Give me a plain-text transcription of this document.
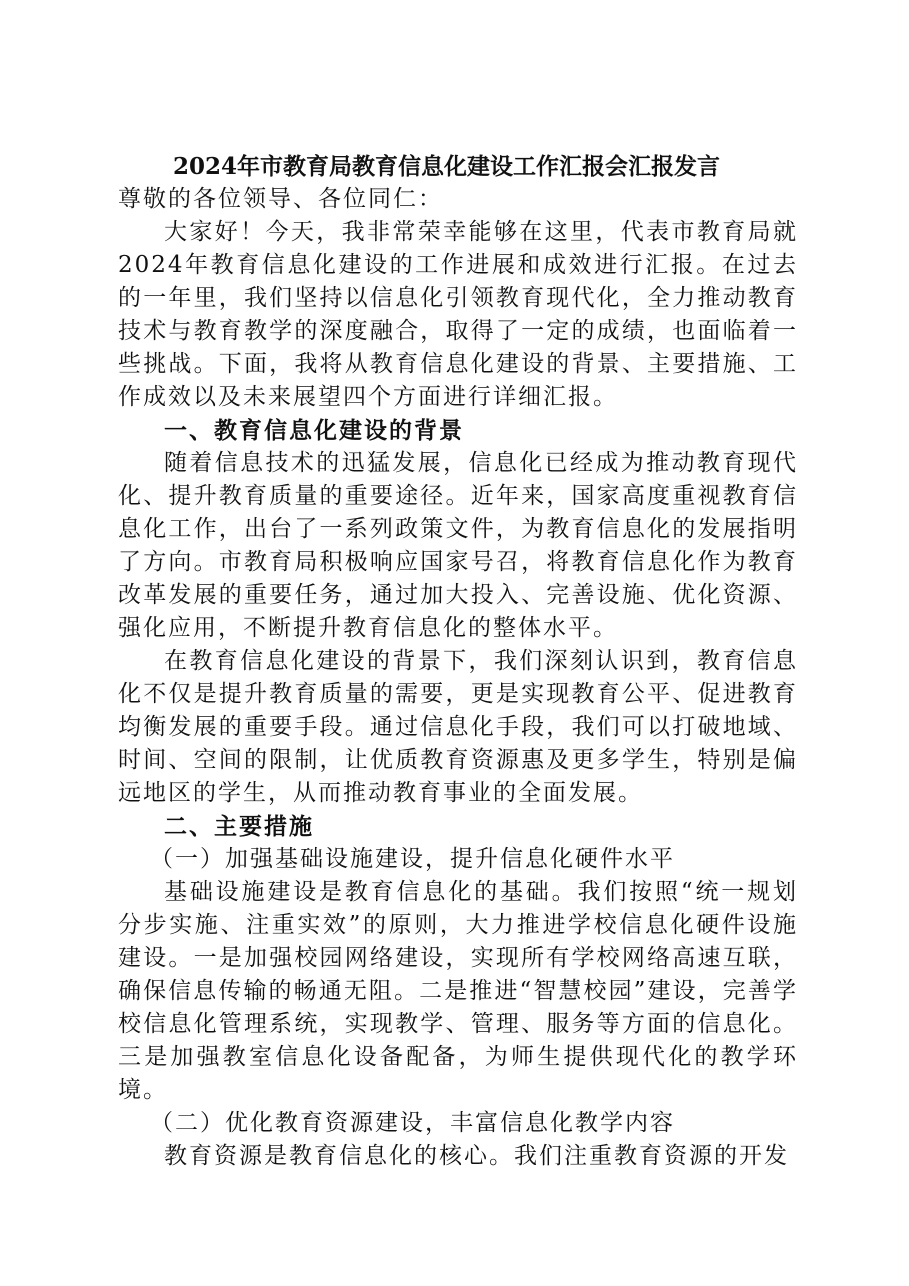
2024年市教育局教育信息化建设工作汇报会汇报发言

尊敬的各位领导、各位同仁：

大家好！今天，我非常荣幸能够在这里，代表市教育局就2024年教育信息化建设的工作进展和成效进行汇报。在过去的一年里，我们坚持以信息化引领教育现代化，全力推动教育技术与教育教学的深度融合，取得了一定的成绩，也面临着一些挑战。下面，我将从教育信息化建设的背景、主要措施、工作成效以及未来展望四个方面进行详细汇报。

一、教育信息化建设的背景

随着信息技术的迅猛发展，信息化已经成为推动教育现代化、提升教育质量的重要途径。近年来，国家高度重视教育信息化工作，出台了一系列政策文件，为教育信息化的发展指明了方向。市教育局积极响应国家号召，将教育信息化作为教育改革发展的重要任务，通过加大投入、完善设施、优化资源、强化应用，不断提升教育信息化的整体水平。

在教育信息化建设的背景下，我们深刻认识到，教育信息化不仅是提升教育质量的需要，更是实现教育公平、促进教育均衡发展的重要手段。通过信息化手段，我们可以打破地域、时间、空间的限制，让优质教育资源惠及更多学生，特别是偏远地区的学生，从而推动教育事业的全面发展。

二、主要措施

（一）加强基础设施建设，提升信息化硬件水平

基础设施建设是教育信息化的基础。我们按照“统一规划分步实施、注重实效”的原则，大力推进学校信息化硬件设施建设。一是加强校园网络建设，实现所有学校网络高速互联，确保信息传输的畅通无阻。二是推进“智慧校园”建设，完善学校信息化管理系统，实现教学、管理、服务等方面的信息化。三是加强教室信息化设备配备，为师生提供现代化的教学环境。

（二）优化教育资源建设，丰富信息化教学内容

教育资源是教育信息化的核心。我们注重教育资源的开发
